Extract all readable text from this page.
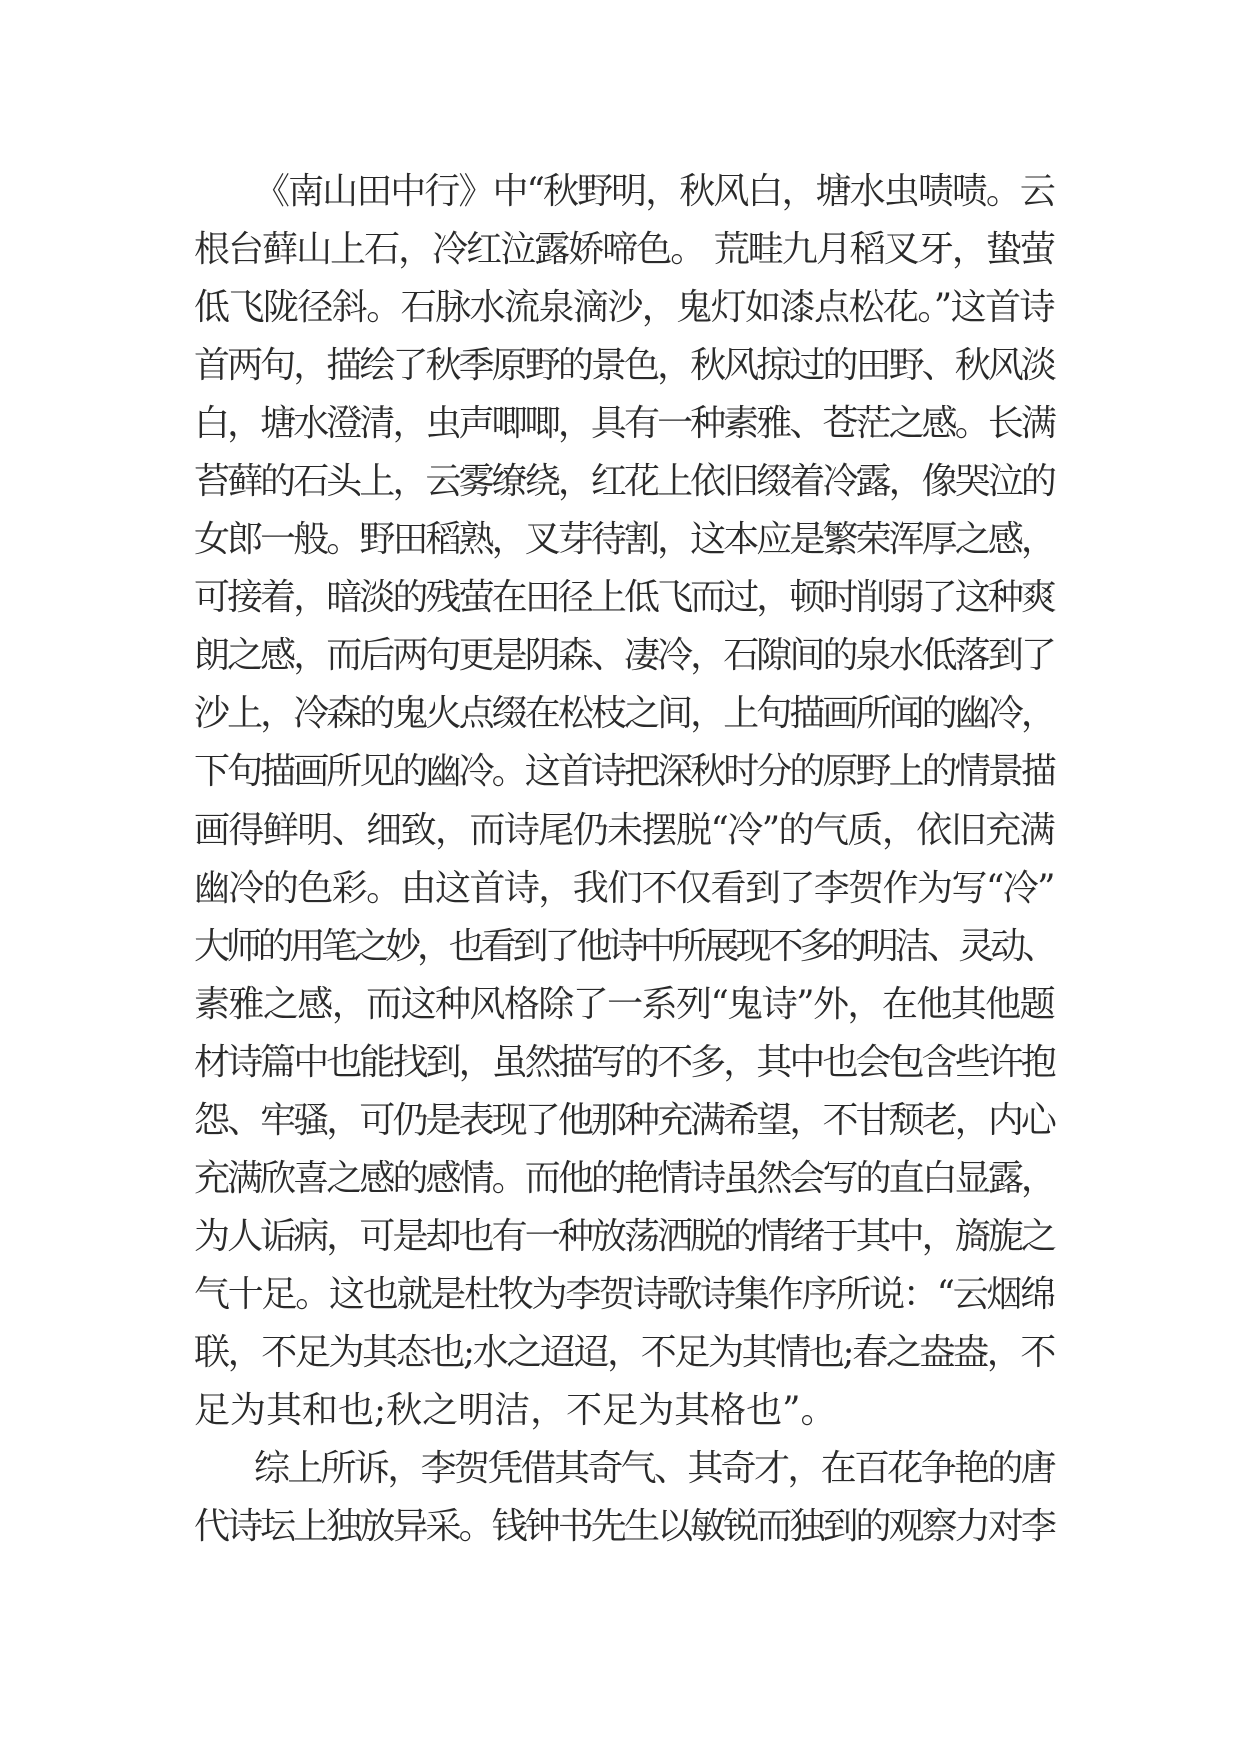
《南山田中行》中“秋野明，秋风白，塘水虫啧啧。云
根台藓山上石，冷红泣露娇啼色。 荒畦九月稻叉牙，蛰萤
低飞陇径斜。石脉水流泉滴沙，鬼灯如漆点松花。”这首诗
首两句，描绘了秋季原野的景色，秋风掠过的田野、秋风淡
白，塘水澄清，虫声唧唧，具有一种素雅、苍茫之感。长满
苔藓的石头上，云雾缭绕，红花上依旧缀着冷露，像哭泣的
女郎一般。野田稻熟，叉芽待割，这本应是繁荣浑厚之感，
可接着，暗淡的残萤在田径上低飞而过，顿时削弱了这种爽
朗之感，而后两句更是阴森、凄冷，石隙间的泉水低落到了
沙上，冷森的鬼火点缀在松枝之间，上句描画所闻的幽冷，
下句描画所见的幽冷。这首诗把深秋时分的原野上的情景描
画得鲜明、细致，而诗尾仍未摆脱“冷”的气质，依旧充满
幽冷的色彩。由这首诗，我们不仅看到了李贺作为写“冷”
大师的用笔之妙，也看到了他诗中所展现不多的明洁、灵动、
素雅之感，而这种风格除了一系列“鬼诗”外，在他其他题
材诗篇中也能找到，虽然描写的不多，其中也会包含些许抱
怨、牢骚，可仍是表现了他那种充满希望，不甘颓老，内心
充满欣喜之感的感情。而他的艳情诗虽然会写的直白显露，
为人诟病，可是却也有一种放荡洒脱的情绪于其中，旖旎之
气十足。这也就是杜牧为李贺诗歌诗集作序所说：“云烟绵
联，不足为其态也;水之迢迢，不足为其情也;春之盎盎，不
足为其和也;秋之明洁，不足为其格也”。
综上所诉，李贺凭借其奇气、其奇才，在百花争艳的唐
代诗坛上独放异采。钱钟书先生以敏锐而独到的观察力对李
